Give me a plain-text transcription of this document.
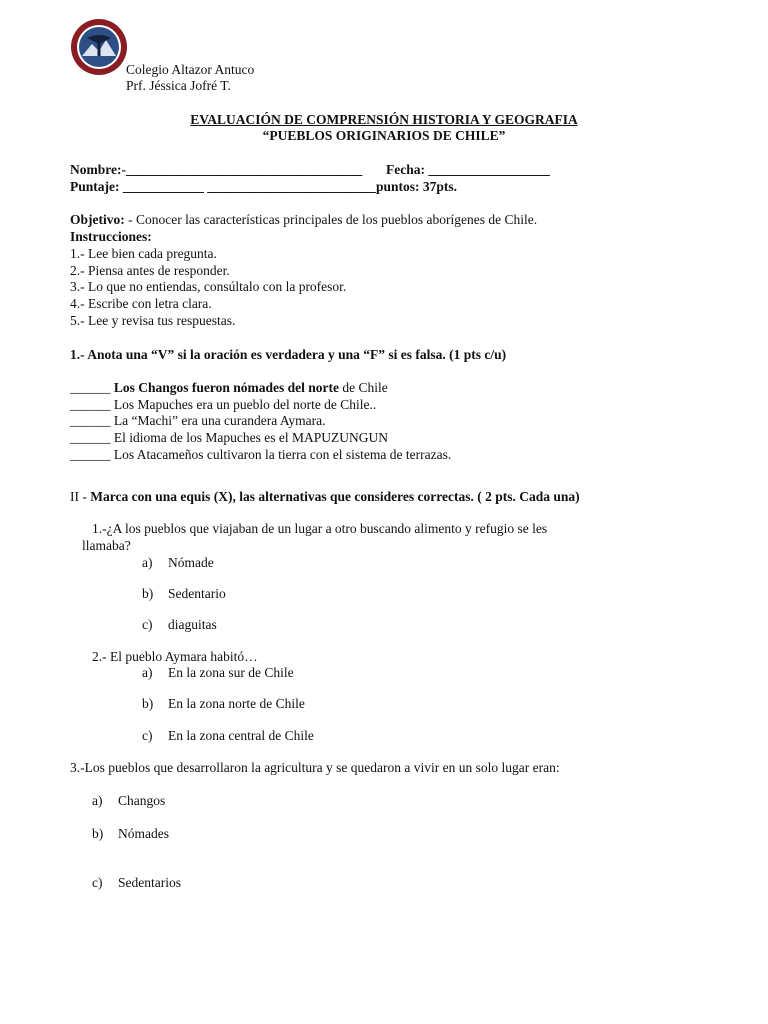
Colegio Altazor Antuco
Prf. Jéssica Jofré T.
EVALUACIÓN DE COMPRENSIÓN HISTORIA Y GEOGRAFIA
“PUEBLOS ORIGINARIOS DE CHILE”
Nombre:-___________________________________ Fecha: __________________
Puntaje: ____________ _________________________puntos: 37pts.
Objetivo: - Conocer las características principales de los pueblos aborígenes de Chile.
Instrucciones:
1.- Lee bien cada pregunta.
2.- Piensa antes de responder.
3.- Lo que no entiendas, consúltalo con la profesor.
4.- Escribe con letra clara.
5.- Lee y revisa tus respuestas.
1.- Anota una “V” si la oración es verdadera y una “F” si es falsa. (1 pts c/u)
______ Los Changos fueron nómades del norte de Chile
______ Los Mapuches era un pueblo del norte de Chile..
______ La “Machi” era una curandera Aymara.
______ El idioma de los Mapuches es el MAPUZUNGUN
______ Los Atacameños cultivaron la tierra con el sistema de terrazas.
II - Marca con una equis (X), las alternativas que consideres correctas. ( 2 pts. Cada una)
1.-¿A los pueblos que viajaban de un lugar a otro buscando alimento y refugio se les
llamaba?
a) Nómade
b) Sedentario
c) diaguitas
2.- El pueblo Aymara habitó…
a) En la zona sur de Chile
b) En la zona norte de Chile
c) En la zona central de Chile
3.-Los pueblos que desarrollaron la agricultura y se quedaron a vivir en un solo lugar eran:
a) Changos
b) Nómades
c) Sedentarios
